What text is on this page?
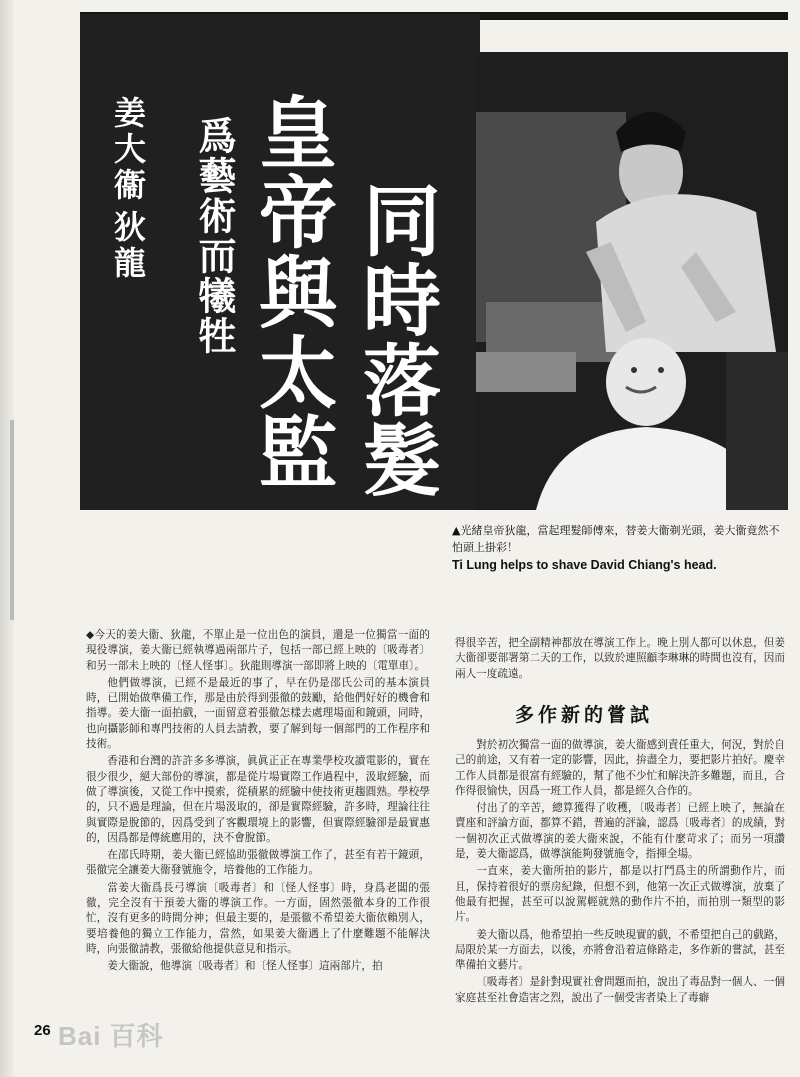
姜大衞
狄龍 爲藝術而犧牲 皇帝與太監 同時落髮
▲光緒皇帝狄龍，當起理髮師傅來，替姜大衞剃光頭，姜大衞竟然不怕頭上掛彩！
Ti Lung helps to shave David Chiang's head.

◆今天的姜大衞、狄龍，不單止是一位出色的演員，還是一位獨當一面的現役導演，姜大衞已經執導過兩部片子，包括一部已經上映的〔吸毒者〕和另一部未上映的〔怪人怪事〕。狄龍則導演一部即將上映的〔電單車〕。

他們做導演，已經不是最近的事了，早在仍是邵氏公司的基本演員時，已開始做準備工作，那是由於得到張徹的鼓勵，給他們好好的機會和指導。姜大衞一面拍戲，一面留意着張徹怎樣去處理場面和鏡頭，同時，也向攝影師和專門技術的人員去請教，要了解到每一個部門的工作程序和技術。

香港和台灣的許許多多導演，眞眞正正在專業學校攻讀電影的，實在很少很少，絕大部份的導演，都是從片場實際工作過程中，汲取經驗，而做了導演後，又從工作中摸索，從積累的經驗中使技術更趨圓熟。學校學的，只不過是理論，但在片場汲取的，卻是實際經驗，許多時，理論往往與實際是脫節的，因爲受到了客觀環境上的影響，但實際經驗卻是最實惠的，因爲都是傳統應用的，決不會脫節。

在邵氏時期，姜大衞已經協助張徹做導演工作了，甚至有若干鏡頭，張徹完全讓姜大衞發號施令，培養他的工作能力。

當姜大衞爲長弓導演〔吸毒者〕和〔怪人怪事〕時，身爲老闆的張徹，完全沒有干預姜大衞的導演工作。一方面，固然張徹本身的工作很忙，沒有更多的時間分神；但最主要的，是張徹不希望姜大衞依賴別人，要培養他的獨立工作能力，當然，如果姜大衞遇上了什麼難題不能解決時，向張徹請教，張徹給他提供意見和指示。

姜大衞說，他導演〔吸毒者〕和〔怪人怪事〕這兩部片，拍

得很辛苦，把全副精神都放在導演工作上。晚上別人都可以休息，但姜大衞卻要部署第二天的工作，以致於連照顧李琳琳的時間也沒有，因而兩人一度疏遠。

多作新的嘗試

對於初次獨當一面的做導演，姜大衞感到責任重大，何況，對於自己的前途，又有着一定的影響，因此，拚盡全力，要把影片拍好。慶幸工作人員都是很富有經驗的，幫了他不少忙和解決許多難題，而且，合作得很愉快，因爲一班工作人員，都是經久合作的。

付出了的辛苦，總算獲得了收穫，〔吸毒者〕已經上映了，無論在賣座和評論方面，都算不錯，普遍的評論，認爲〔吸毒者〕的成績，對一個初次正式做導演的姜大衞來說，不能有什麼苛求了；而另一項讚是，姜大衞認爲，做導演能夠發號施令，指揮全場。

一直來，姜大衞所拍的影片，都是以打鬥爲主的所謂動作片，而且，保持着很好的票房紀錄，但想不到，他第一次正式做導演，放棄了他最有把握，甚至可以說駕輕就熟的動作片不拍，而拍別一類型的影片。

姜大衞以爲，他希望拍一些反映現實的戲，不希望把自己的戲路，局限於某一方面去，以後，亦將會沿着這條路走，多作新的嘗試，甚至準備拍文藝片。

〔吸毒者〕是針對現實社會問題而拍，說出了毒品對一個人、一個家庭甚至社會造害之烈，說出了一個受害者染上了毒癖

Bai 百科
26
